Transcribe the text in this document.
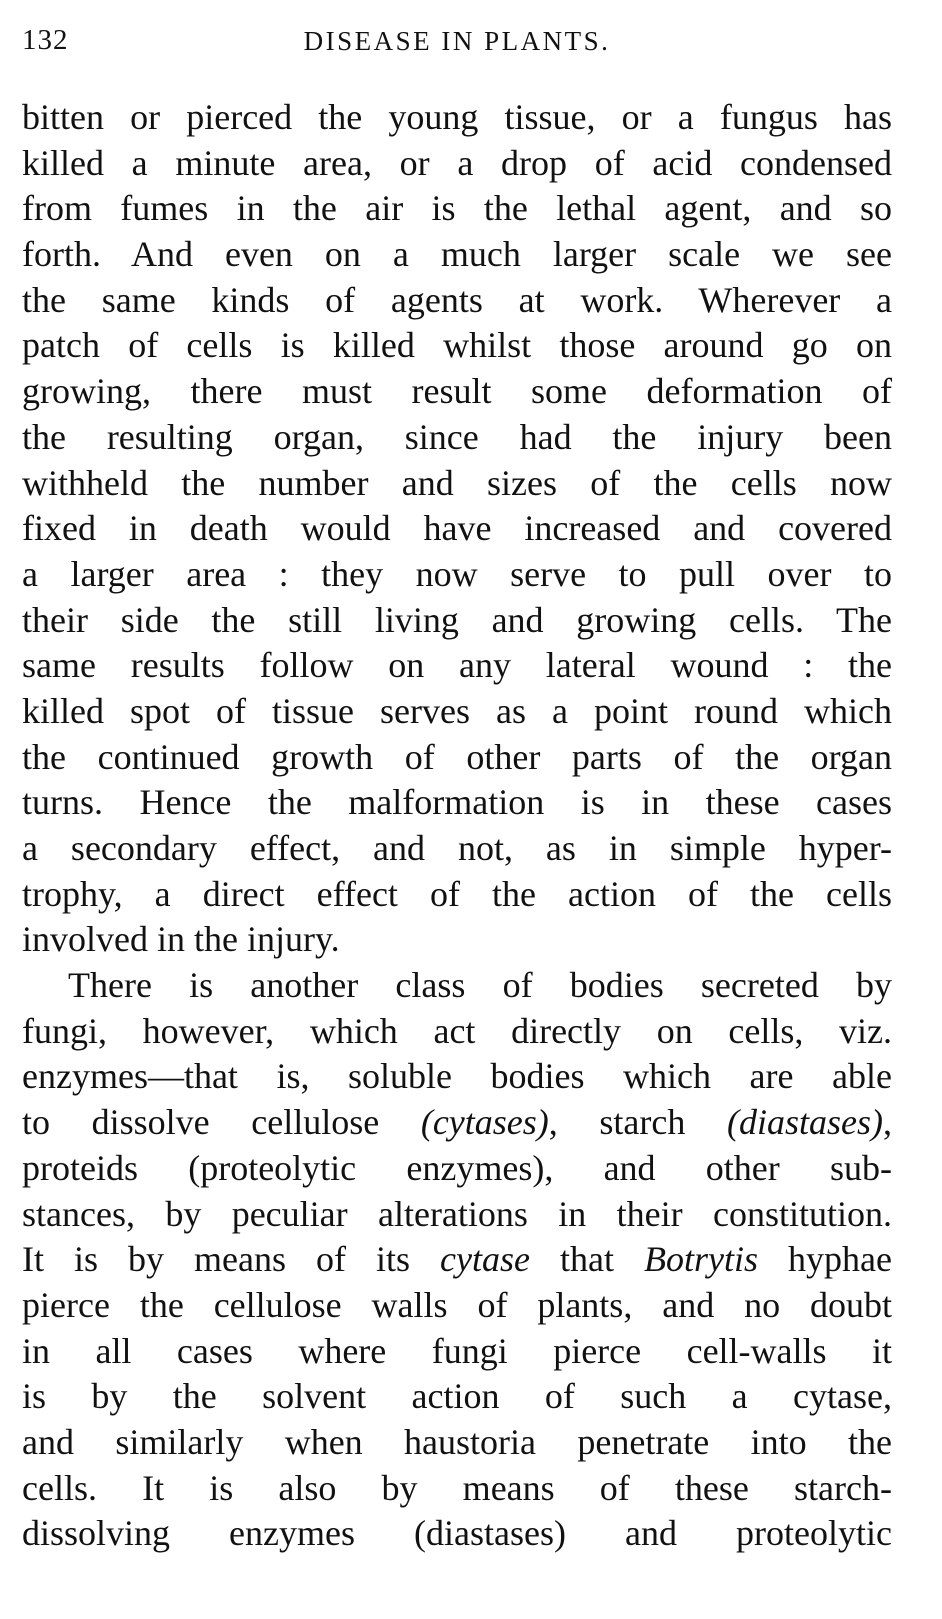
132	DISEASE IN PLANTS.
bitten or pierced the young tissue, or a fungus has
killed a minute area, or a drop of acid condensed
from fumes in the air is the lethal agent, and so
forth. And even on a much larger scale we see
the same kinds of agents at work. Wherever a
patch of cells is killed whilst those around go on
growing, there must result some deformation of
the resulting organ, since had the injury been
withheld the number and sizes of the cells now
fixed in death would have increased and covered
a larger area : they now serve to pull over to
their side the still living and growing cells. The
same results follow on any lateral wound : the
killed spot of tissue serves as a point round which
the continued growth of other parts of the organ
turns. Hence the malformation is in these cases
a secondary effect, and not, as in simple hyper-
trophy, a direct effect of the action of the cells
involved in the injury.
There is another class of bodies secreted by
fungi, however, which act directly on cells, viz.
enzymes—that is, soluble bodies which are able
to dissolve cellulose (cytases), starch (diastases),
proteids (proteolytic enzymes), and other sub-
stances, by peculiar alterations in their constitution.
It is by means of its cytase that Botrytis hyphae
pierce the cellulose walls of plants, and no doubt
in all cases where fungi pierce cell-walls it
is by the solvent action of such a cytase,
and similarly when haustoria penetrate into the
cells. It is also by means of these starch-
dissolving enzymes (diastases) and proteolytic
